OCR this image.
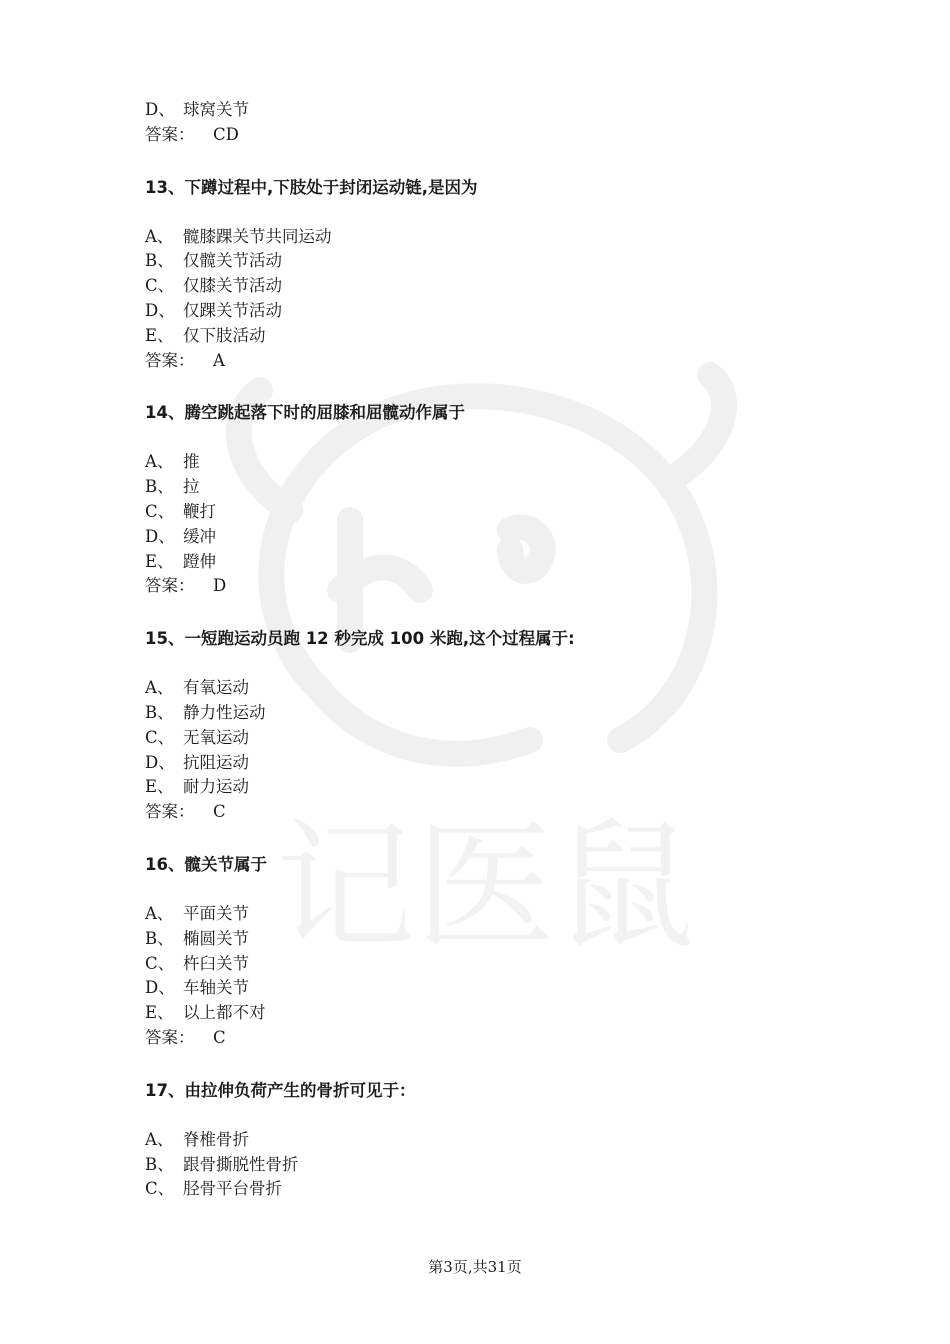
记医鼠
D、 球窝关节
答案： CD
13、下蹲过程中,下肢处于封闭运动链,是因为
A、 髋膝踝关节共同运动
B、 仅髋关节活动
C、 仅膝关节活动
D、 仅踝关节活动
E、 仅下肢活动
答案： A
14、腾空跳起落下时的屈膝和屈髋动作属于
A、 推
B、 拉
C、 鞭打
D、 缓冲
E、 蹬伸
答案： D
15、一短跑运动员跑 12 秒完成 100 米跑,这个过程属于:
A、 有氧运动
B、 静力性运动
C、 无氧运动
D、 抗阻运动
E、 耐力运动
答案： C
16、髋关节属于
A、 平面关节
B、 椭圆关节
C、 杵臼关节
D、 车轴关节
E、 以上都不对
答案： C
17、由拉伸负荷产生的骨折可见于：
A、 脊椎骨折
B、 跟骨撕脱性骨折
C、 胫骨平台骨折
第3页,共31页
